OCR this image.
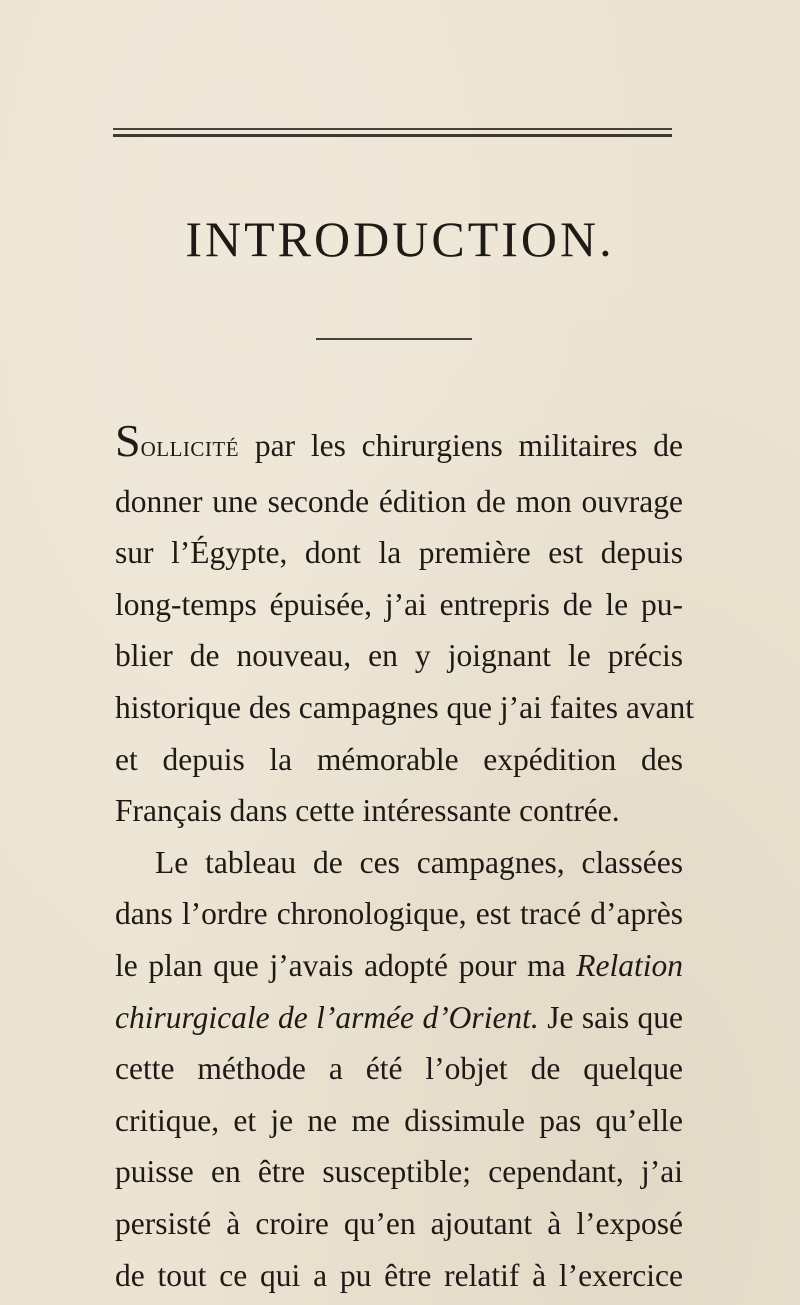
INTRODUCTION.
SOLLICITÉ par les chirurgiens militaires de
donner une seconde édition de mon ouvrage
sur l’Égypte, dont la première est depuis
long-temps épuisée, j’ai entrepris de le pu-
blier de nouveau, en y joignant le précis
historique des campagnes que j’ai faites avant
et depuis la mémorable expédition des
Français dans cette intéressante contrée.
Le tableau de ces campagnes, classées
dans l’ordre chronologique, est tracé d’après
le plan que j’avais adopté pour ma Relation
chirurgicale de l’armée d’Orient. Je sais que
cette méthode a été l’objet de quelque
critique, et je ne me dissimule pas qu’elle
puisse en être susceptible; cependant, j’ai
persisté à croire qu’en ajoutant à l’exposé
de tout ce qui a pu être relatif à l’exercice
